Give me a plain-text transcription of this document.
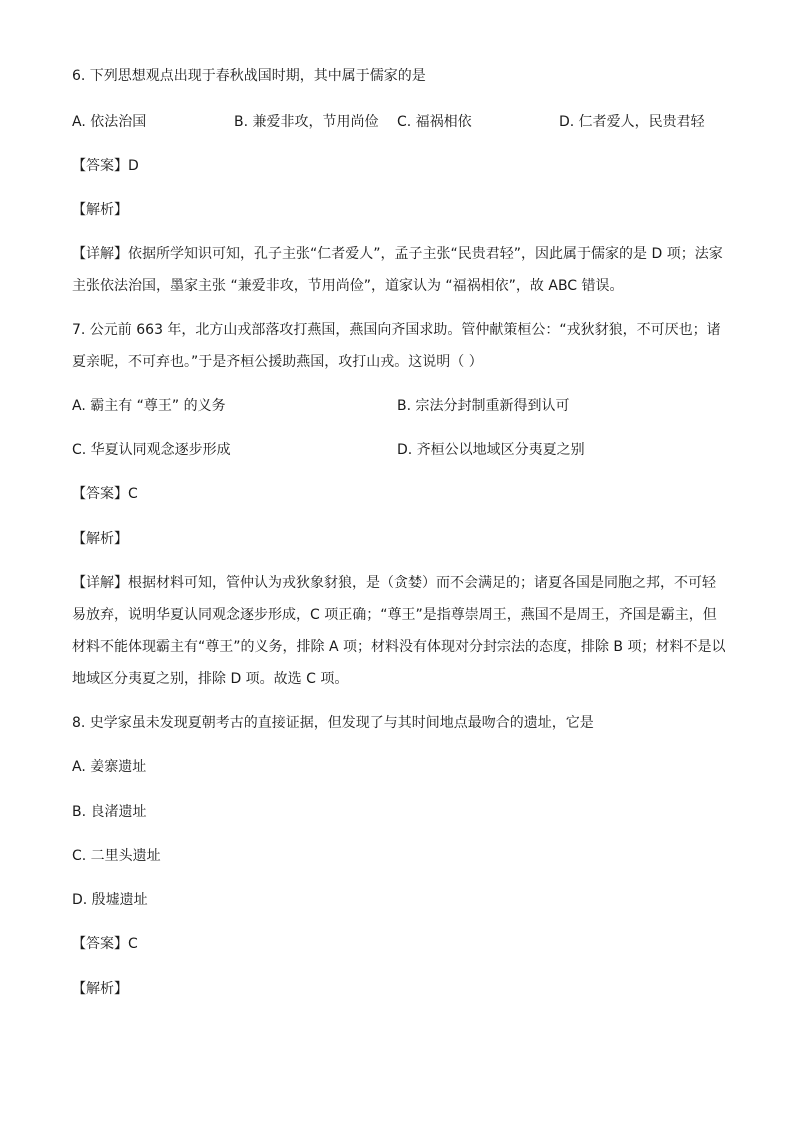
6. 下列思想观点出现于春秋战国时期，其中属于儒家的是
A. 依法治国	B. 兼爱非攻，节用尚俭 C. 福祸相依	D. 仁者爱人，民贵君轻
【答案】D
【解析】
【详解】依据所学知识可知，孔子主张“仁者爱人”，孟子主张“民贵君轻”，因此属于儒家的是 D 项；法家
主张依法治国，墨家主张 “兼爱非攻，节用尚俭”，道家认为 “福祸相依”，故 ABC 错误。
7. 公元前 663 年，北方山戎部落攻打燕国，燕国向齐国求助。管仲献策桓公：“戎狄豺狼，不可厌也；诸
夏亲昵，不可弃也。”于是齐桓公援助燕国，攻打山戎。这说明（ ）
A. 霸主有 “尊王” 的义务	B. 宗法分封制重新得到认可
C. 华夏认同观念逐步形成	D. 齐桓公以地域区分夷夏之别
【答案】C
【解析】
【详解】根据材料可知，管仲认为戎狄象豺狼，是（贪婪）而不会满足的；诸夏各国是同胞之邦，不可轻
易放弃，说明华夏认同观念逐步形成，C 项正确；“尊王”是指尊崇周王，燕国不是周王，齐国是霸主，但
材料不能体现霸主有“尊王”的义务，排除 A 项；材料没有体现对分封宗法的态度，排除 B 项；材料不是以
地域区分夷夏之别，排除 D 项。故选 C 项。
8. 史学家虽未发现夏朝考古的直接证据，但发现了与其时间地点最吻合的遗址，它是
A. 姜寨遗址
B. 良渚遗址
C. 二里头遗址
D. 殷墟遗址
【答案】C
【解析】
